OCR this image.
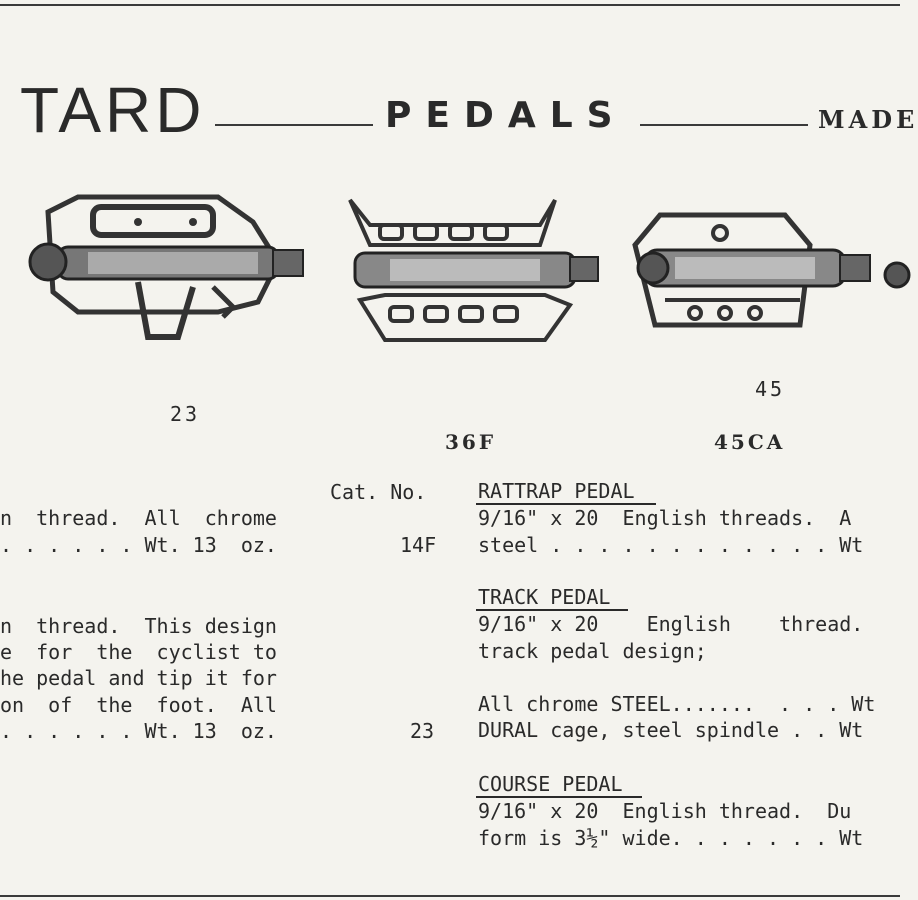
TARD	PEDALS	MADE
23
45
36F	45CA
n  thread.  All  chrome
. . . . . . Wt. 13  oz.
n  thread.  This design
e  for  the  cyclist to
he pedal and tip it for
on  of  the  foot.  All
. . . . . . Wt. 13  oz.
Cat. No.
14F
23
RATTRAP PEDAL
9/16" x 20  English threads.  A
steel . . . . . . . . . . . . Wt
TRACK PEDAL
9/16" x 20    English    thread.
track pedal design;
All chrome STEEL.......  . . . Wt
DURAL cage, steel spindle . . Wt
COURSE PEDAL
9/16" x 20  English thread.  Du
form is 3½" wide. . . . . . . Wt
